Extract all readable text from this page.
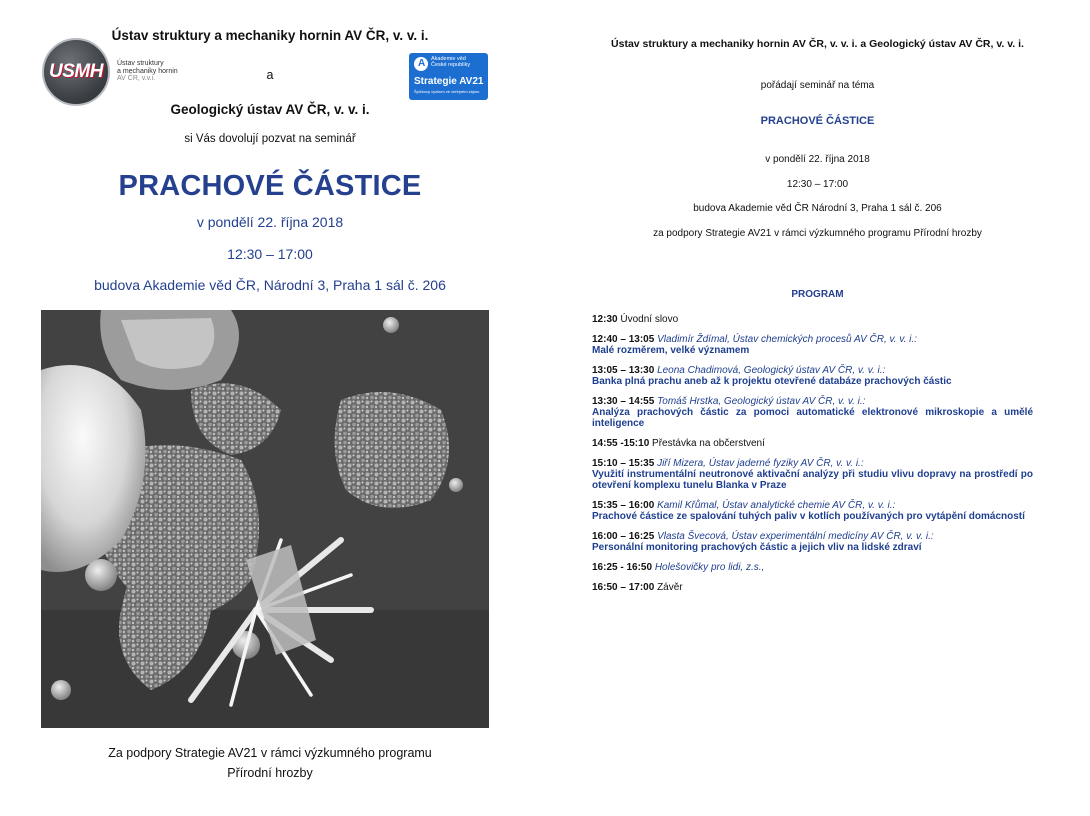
USMH Ústav struktury
a mechaniky hornin
AV ČR, v.v.i.
A Akademie věd
České republiky
Strategie AV21
Špičkový výzkum ve veřejném zájmu
Ústav struktury a mechaniky hornin AV ČR, v. v. i.
a
Geologický ústav AV ČR, v. v. i.
si Vás dovolují pozvat na seminář
PRACHOVÉ ČÁSTICE
v pondělí 22. října 2018
12:30 – 17:00
budova Akademie věd ČR, Národní 3, Praha 1 sál č. 206
Za podpory Strategie AV21 v rámci výzkumného programu
Přírodní hrozby
Ústav struktury a mechaniky hornin AV ČR, v. v. i. a Geologický ústav AV ČR, v. v. i.
pořádají seminář na téma
PRACHOVÉ ČÁSTICE
v pondělí 22. října 2018
12:30 – 17:00
budova Akademie věd ČR Národní 3, Praha 1 sál č. 206
za podpory Strategie AV21 v rámci výzkumného programu Přírodní hrozby
PROGRAM
12:30 Úvodní slovo
12:40 – 13:05 Vladimír Ždímal, Ústav chemických procesů AV ČR, v. v. i.:
Malé rozměrem, velké významem
13:05 – 13:30 Leona Chadimová, Geologický ústav AV ČR, v. v. i.:
Banka plná prachu aneb až k projektu otevřené databáze prachových částic
13:30 – 14:55 Tomáš Hrstka, Geologický ústav AV ČR, v. v. i.:
Analýza prachových částic za pomoci automatické elektronové mikroskopie a umělé inteligence
14:55 -15:10 Přestávka na občerstvení
15:10 – 15:35 Jiří Mizera, Ústav jaderné fyziky AV ČR, v. v. i.:
Využití instrumentální neutronové aktivační analýzy při studiu vlivu dopravy na prostředí po otevření komplexu tunelu Blanka v Praze
15:35 – 16:00 Kamil Křůmal, Ústav analytické chemie AV ČR, v. v. i.:
Prachové částice ze spalování tuhých paliv v kotlích používaných pro vytápění domácností
16:00 – 16:25 Vlasta Švecová, Ústav experimentální medicíny AV ČR, v. v. i.:
Personální monitoring prachových částic a jejich vliv na lidské zdraví
16:25 - 16:50 Holešovičky pro lidi, z.s.,
16:50 – 17:00 Závěr
